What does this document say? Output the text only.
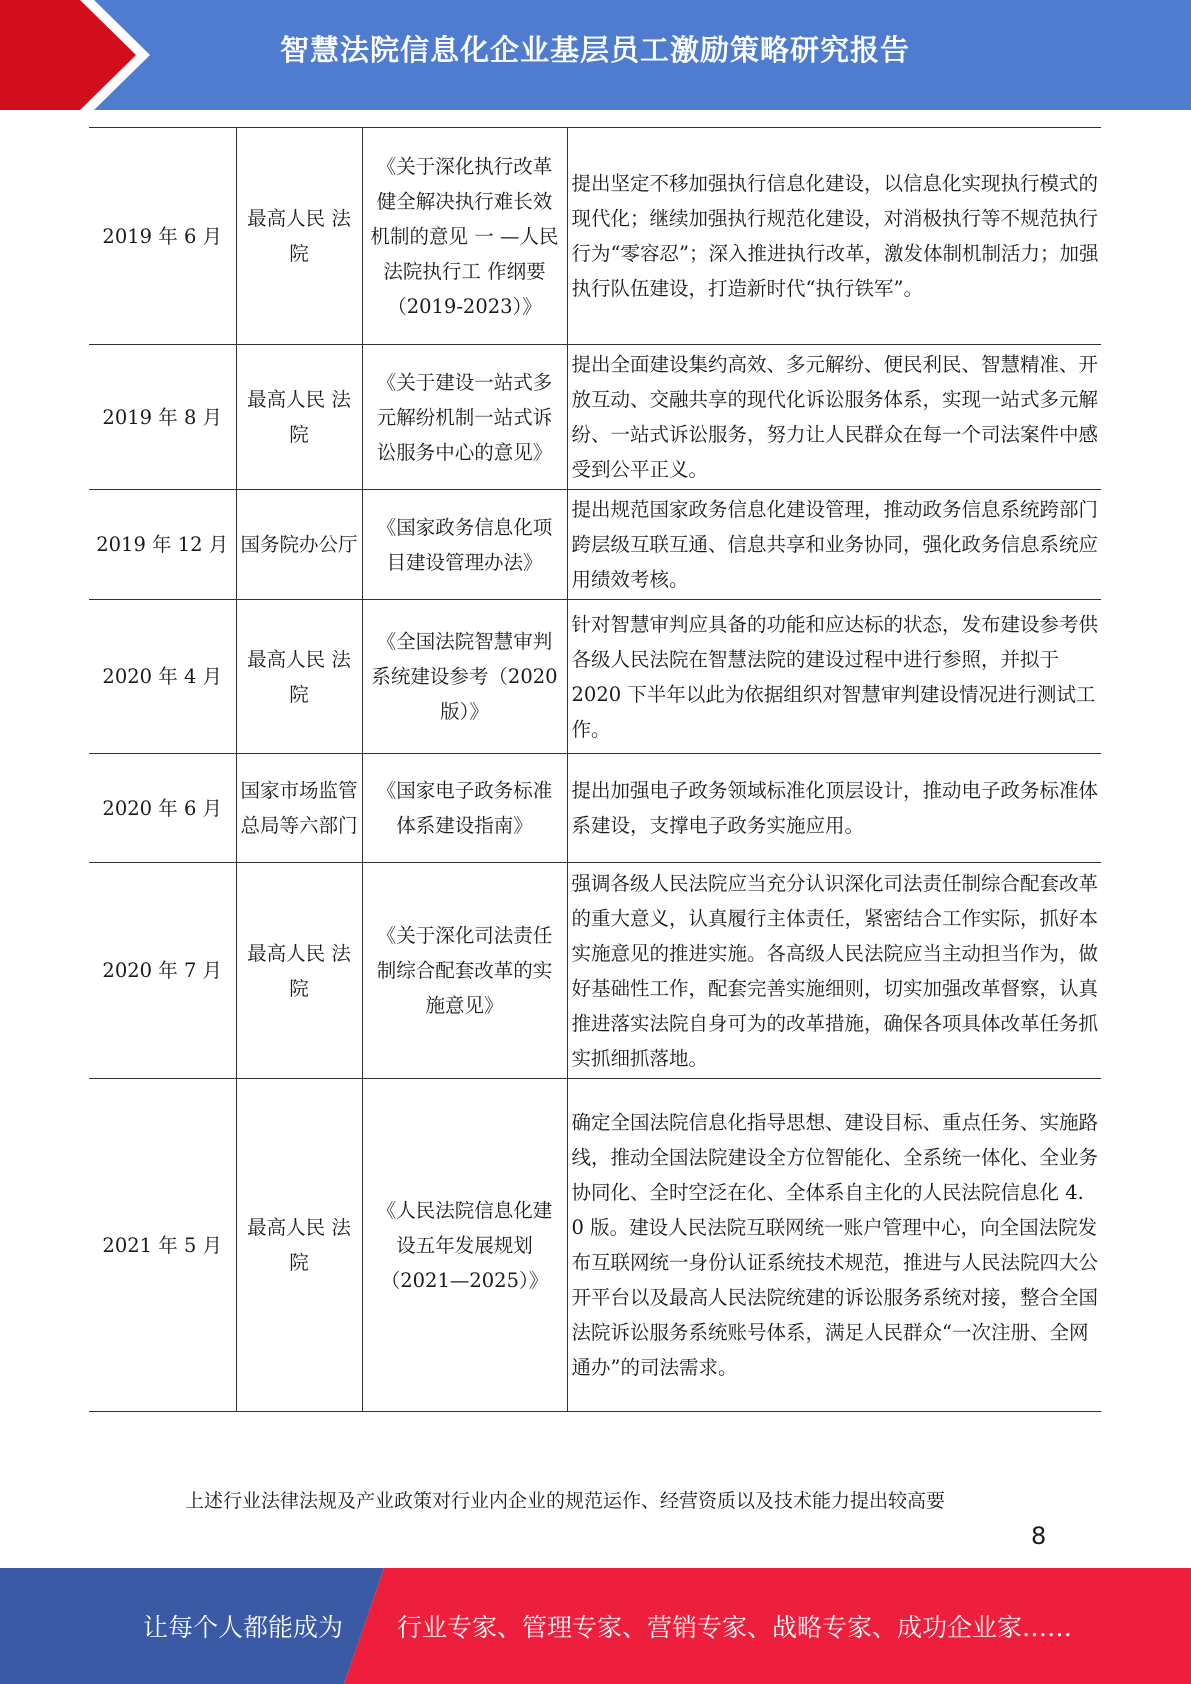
智慧法院信息化企业基层员工激励策略研究报告
2019 年 6 月	最高人民 法院	《关于深化执行改革健全解决执行难长效机制的意见 一 —人民法院执行工 作纲要（2019-2023）》	提出坚定不移加强执行信息化建设，以信息化实现执行模式的现代化；继续加强执行规范化建设，对消极执行等不规范执行行为“零容忍”；深入推进执行改革，激发体制机制活力；加强执行队伍建设，打造新时代“执行铁军”。
2019 年 8 月	最高人民 法院	《关于建设一站式多元解纷机制一站式诉讼服务中心的意见》	提出全面建设集约高效、多元解纷、便民利民、智慧精准、开放互动、交融共享的现代化诉讼服务体系，实现一站式多元解纷、一站式诉讼服务，努力让人民群众在每一个司法案件中感受到公平正义。
2019 年 12 月	国务院办公厅	《国家政务信息化项目建设管理办法》	提出规范国家政务信息化建设管理，推动政务信息系统跨部门跨层级互联互通、信息共享和业务协同，强化政务信息系统应用绩效考核。
2020 年 4 月	最高人民 法院	《全国法院智慧审判系统建设参考（2020 版）》	针对智慧审判应具备的功能和应达标的状态，发布建设参考供各级人民法院在智慧法院的建设过程中进行参照，并拟于 2020 下半年以此为依据组织对智慧审判建设情况进行测试工作。
2020 年 6 月	国家市场监管总局等六部门	《国家电子政务标准体系建设指南》	提出加强电子政务领域标准化顶层设计，推动电子政务标准体系建设，支撑电子政务实施应用。
2020 年 7 月	最高人民 法院	《关于深化司法责任制综合配套改革的实施意见》	强调各级人民法院应当充分认识深化司法责任制综合配套改革的重大意义，认真履行主体责任，紧密结合工作实际，抓好本实施意见的推进实施。各高级人民法院应当主动担当作为，做好基础性工作，配套完善实施细则，切实加强改革督察，认真推进落实法院自身可为的改革措施，确保各项具体改革任务抓实抓细抓落地。
2021 年 5 月	最高人民 法院	《人民法院信息化建设五年发展规划（2021—2025）》	确定全国法院信息化指导思想、建设目标、重点任务、实施路线，推动全国法院建设全方位智能化、全系统一体化、全业务协同化、全时空泛在化、全体系自主化的人民法院信息化 4. 0 版。建设人民法院互联网统一账户管理中心，向全国法院发布互联网统一身份认证系统技术规范，推进与人民法院四大公开平台以及最高人民法院统建的诉讼服务系统对接，整合全国法院诉讼服务系统账号体系，满足人民群众“一次注册、全网通办”的司法需求。
上述行业法律法规及产业政策对行业内企业的规范运作、经营资质以及技术能力提出较高要
8
让每个人都能成为 行业专家、管理专家、营销专家、战略专家、成功企业家……
